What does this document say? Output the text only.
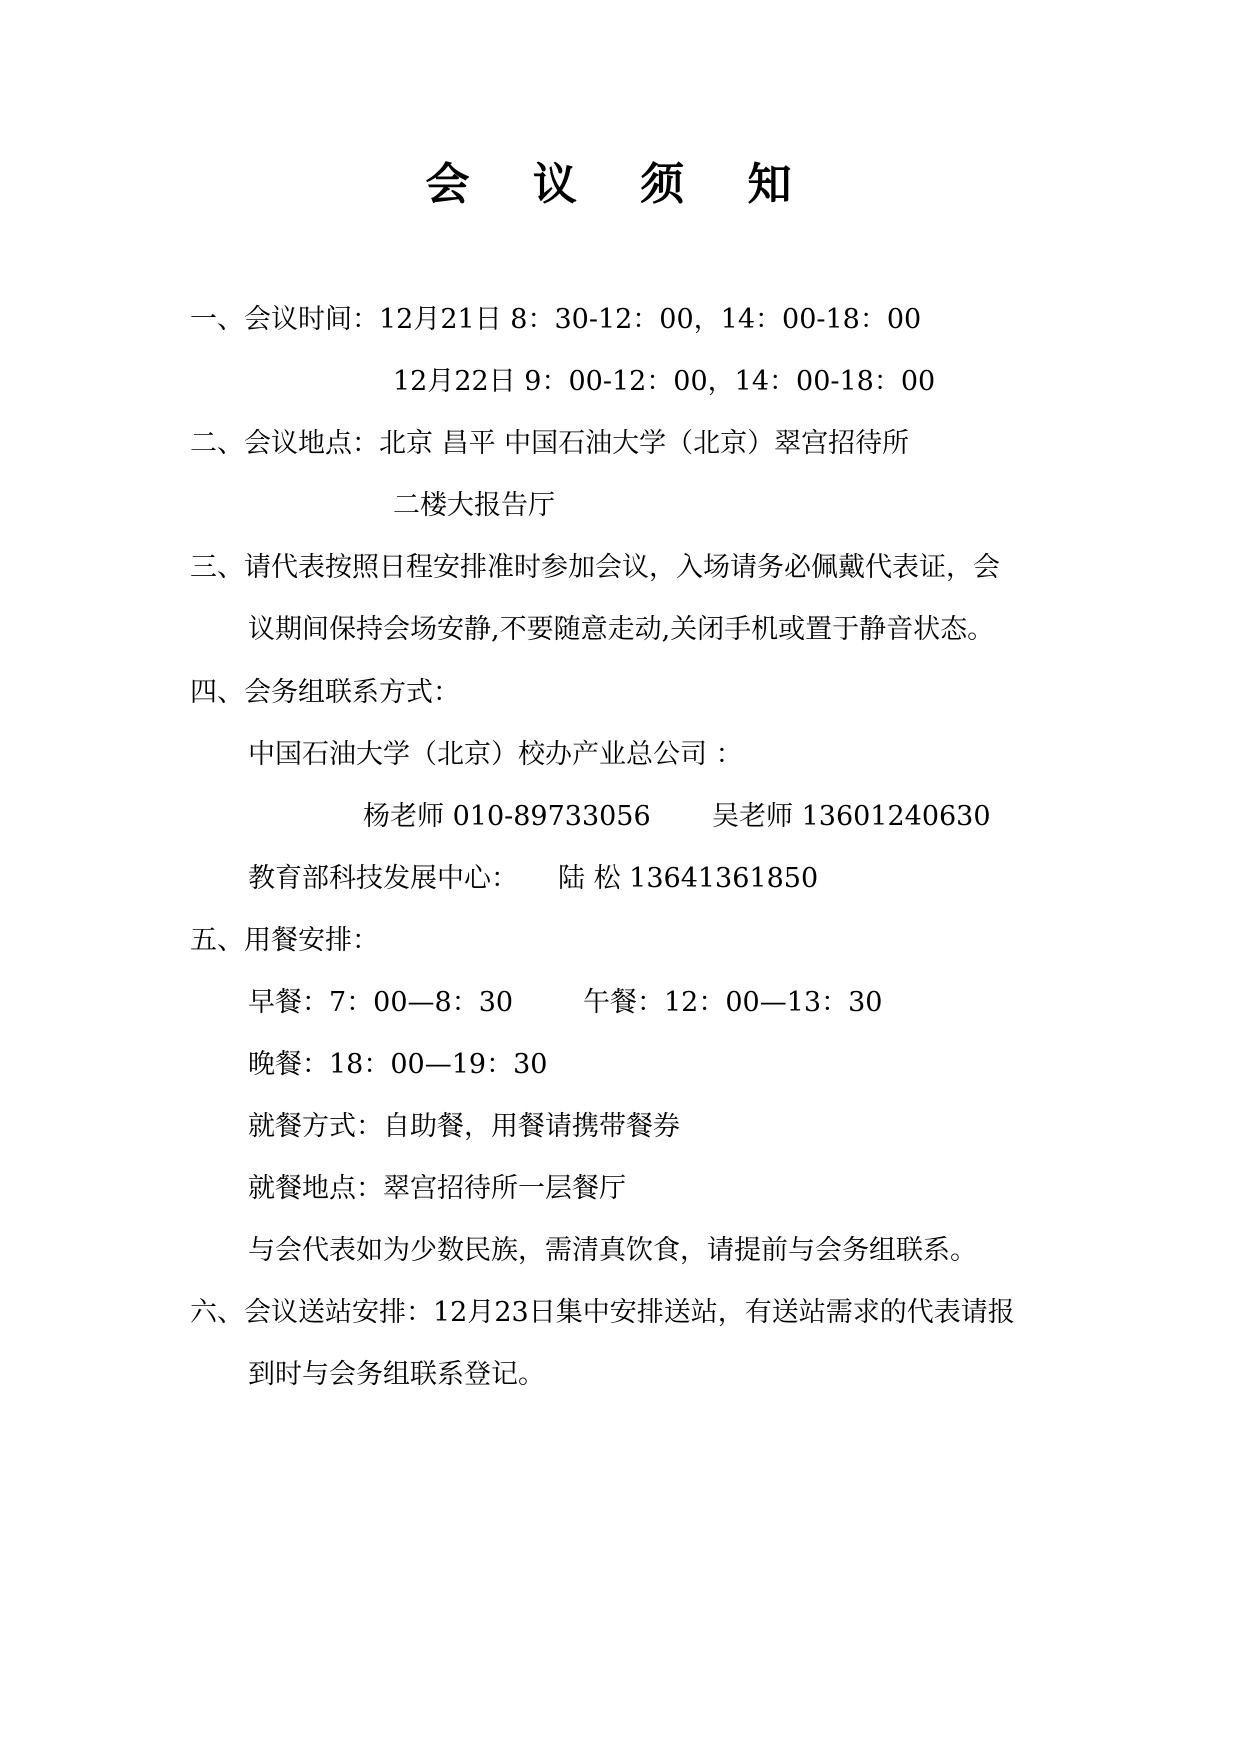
会 议 须 知
一、会议时间：12月21日 8：30-12：00，14：00-18：00
12月22日 9：00-12：00，14：00-18：00
二、会议地点：北京 昌平 中国石油大学（北京）翠宫招待所
二楼大报告厅
三、请代表按照日程安排准时参加会议，入场请务必佩戴代表证，会
议期间保持会场安静,不要随意走动,关闭手机或置于静音状态。
四、会务组联系方式：
中国石油大学（北京）校办产业总公司 ：
杨老师 010-89733056 吴老师 13601240630
教育部科技发展中心： 陆 松 13641361850
五、用餐安排：
早餐：7：00—8：30	午餐：12：00—13：30
晚餐：18：00—19：30
就餐方式：自助餐，用餐请携带餐券
就餐地点：翠宫招待所一层餐厅
与会代表如为少数民族，需清真饮食，请提前与会务组联系。
六、会议送站安排：12月23日集中安排送站，有送站需求的代表请报
到时与会务组联系登记。
